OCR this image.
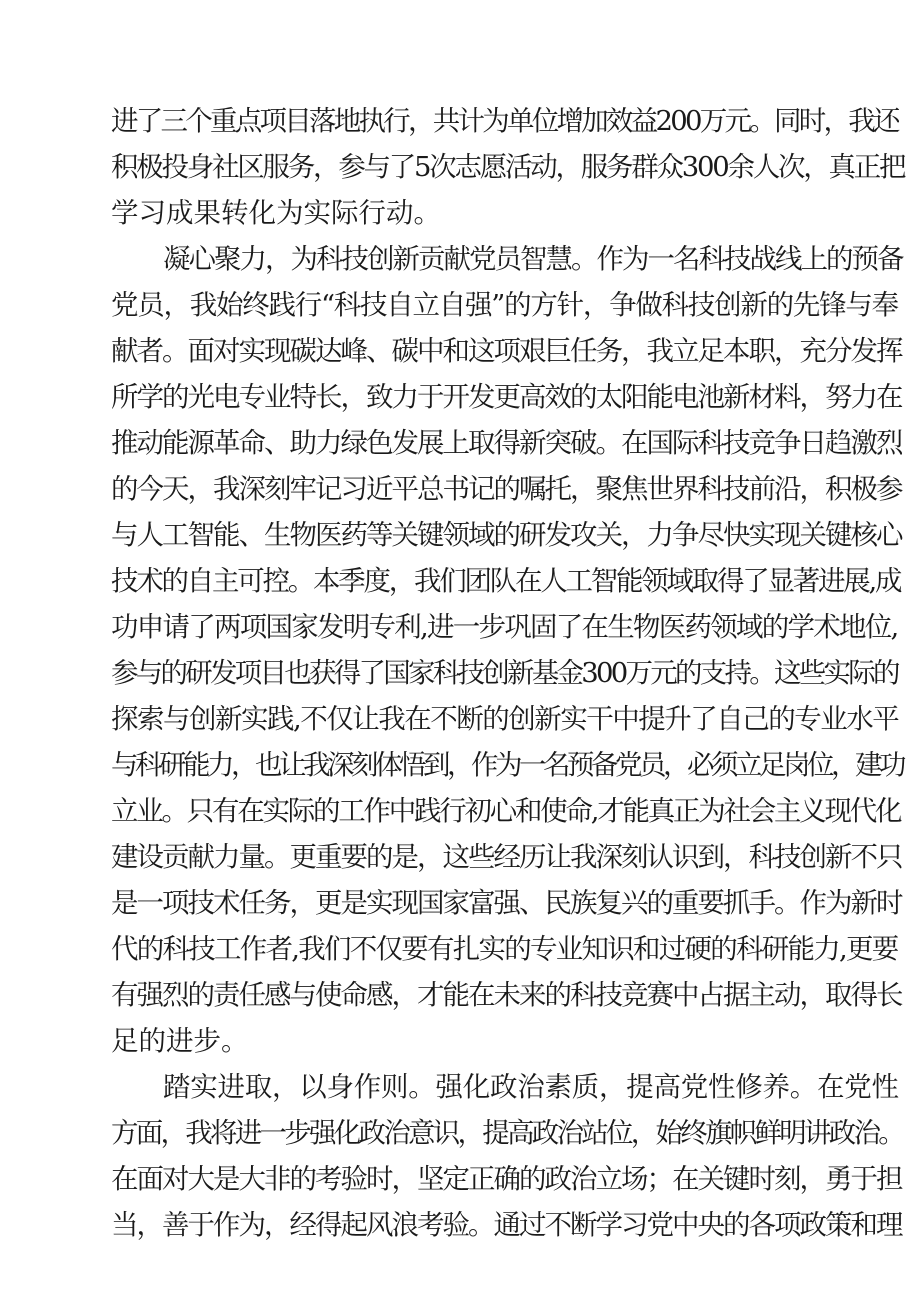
进了三个重点项目落地执行，共计为单位增加效益200万元。同时，我还
积极投身社区服务，参与了5次志愿活动，服务群众300余人次，真正把
学习成果转化为实际行动。
凝心聚力，为科技创新贡献党员智慧。作为一名科技战线上的预备
党员，我始终践行“科技自立自强”的方针，争做科技创新的先锋与奉
献者。面对实现碳达峰、碳中和这项艰巨任务，我立足本职，充分发挥
所学的光电专业特长，致力于开发更高效的太阳能电池新材料，努力在
推动能源革命、助力绿色发展上取得新突破。在国际科技竞争日趋激烈
的今天，我深刻牢记习近平总书记的嘱托，聚焦世界科技前沿，积极参
与人工智能、生物医药等关键领域的研发攻关，力争尽快实现关键核心
技术的自主可控。本季度，我们团队在人工智能领域取得了显著进展,成
功申请了两项国家发明专利,进一步巩固了在生物医药领域的学术地位,
参与的研发项目也获得了国家科技创新基金300万元的支持。这些实际的
探索与创新实践,不仅让我在不断的创新实干中提升了自己的专业水平
与科研能力，也让我深刻体悟到，作为一名预备党员，必须立足岗位，建功
立业。只有在实际的工作中践行初心和使命,才能真正为社会主义现代化
建设贡献力量。更重要的是，这些经历让我深刻认识到，科技创新不只
是一项技术任务，更是实现国家富强、民族复兴的重要抓手。作为新时
代的科技工作者,我们不仅要有扎实的专业知识和过硬的科研能力,更要
有强烈的责任感与使命感，才能在未来的科技竞赛中占据主动，取得长
足的进步。
踏实进取，以身作则。强化政治素质，提高党性修养。在党性
方面，我将进一步强化政治意识，提高政治站位，始终旗帜鲜明讲政治。
在面对大是大非的考验时，坚定正确的政治立场；在关键时刻，勇于担
当，善于作为，经得起风浪考验。通过不断学习党中央的各项政策和理
